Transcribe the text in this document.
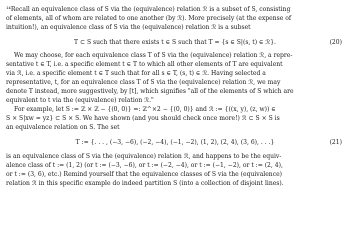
¹⁴Recall an equivalence class of S via the (equivalence) relation ℛ is a subset of S, consisting
of elements, all of whom are related to one another (by ℛ). More precisely (at the expense of
intuition!), an equivalence class of S via the (equivalence) relation ℛ is a subset
T ⊂ S such that there exists t ∈ S such that T = {s ∈ S|(s, t) ∈ ℛ}.	(20)
We may choose, for each equivalence class T of S via the (equivalence) relation ℛ, a repre-
sentative t ∈ T, i.e. a specific element t ∈ T to which all other elements of T are equivalent
via ℛ, i.e. a specific element t ∈ T such that for all s ∈ T, (s, t) ∈ ℛ. Having selected a
representative, t, for an equivalence class T of S via the (equivalence) relation ℛ, we may
denote T instead, more suggestively, by [t], which signifies "all of the elements of S which are
equivalent to t via the (equivalence) relation ℛ."
For example, let S := ℤ × ℤ − {(0, 0)} =: ℤ^×2 − {(0, 0)} and ℛ := {((x, y), (z, w)) ∈
S × S|xw = yz} ⊂ S × S. We have shown (and you should check once more!) ℛ ⊂ S × S is
an equivalence relation on S. The set
T := {. . . , (−3, −6), (−2, −4), (−1, −2), (1, 2), (2, 4), (3, 6), . . .}	(21)
is an equivalence class of S via the (equivalence) relation ℛ, and happens to be the equiv-
alence class of t := (1, 2) (or t := (−3, −6), or t := (−2, −4), or t := (−1, −2), or t := (2, 4),
or t := (3, 6), etc.) Remind yourself that the equivalence classes of S via the (equivalence)
relation ℛ in this specific example do indeed partition S (into a collection of disjoint lines).
